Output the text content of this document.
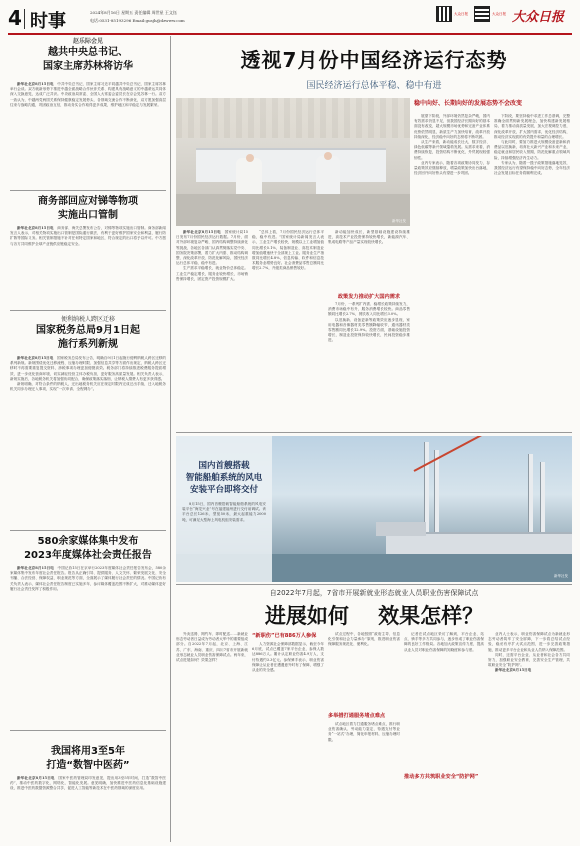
4 时事	2024年8月16日 星期五 责任编辑 周世星 王文钰
电话:0531-85193296 Email:gusjh@dzwww.com
大众日报	大众日报 大众日报
赵乐际会见
越共中央总书记、
国家主席苏林将访华

新华社北京8月15日电　中共中央总书记、国家主席习近平同越共中央总书记、国家主席苏林举行会谈。双方就新形势下推进中越全面战略合作伙伴关系、构建具有战略意义的中越命运共同体深入交换意见，达成广泛共识。中央政治局常委、全国人大常委会委员长在京会见苏林一行。双方一致认为，中越两党两国关系保持健康稳定发展势头，各领域交流合作不断深化，双方愿加强高层往来与战略沟通，巩固政治互信，推动务实合作取得更多成果，维护地区和平稳定与发展繁荣。

商务部回应对锑等物项
实施出口管制

新华社北京8月15日电　商务部、海关总署发布公告，对锑等物项实施出口管制。商务部新闻发言人表示，对相关物项实施出口管制是国际通行做法，有利于更好维护国家安全和利益、履行防扩散等国际义务。相关管制措施不针对任何特定国家和地区，符合规定的出口将予以许可。中方愿与各方共同维护全球产业链供应链稳定安全。

便利纳税人跨区迁移
国家税务总局9月1日起
施行系列新规

新华社北京8月15日电　国家税务总局发布公告，明确自9月1日起施行便利纳税人跨区迁移的系列新规。新规围绕优化迁移流程、压缩办理时限、加强信息共享等方面作出规定，纳税人跨区迁移时不再需要重复提交资料，涉税事项办理更加便捷高效。税务部门将持续推进税费服务提质增效，进一步优化营商环境，切实减轻经营主体办税负担，更好服务高质量发展。相关负责人表示，新规实施后，各地税务机关将加强协同配合，确保政策落实落细，让纳税人缴费人有更多获得感。

新规明确，对符合条件的纳税人，迁出地税务机关应在规定时限内完成迁出手续，迁入地税务机关同步办理迁入事项，实现“一次申请、全程网办”。

580余家媒体集中发布
2023年度媒体社会责任报告

新华社北京8月15日电　中国记协15日在京举行2023年度媒体社会责任报告发布会，580余家媒体集中发布年度社会责任报告。报告从正确引导、提供服务、人文关怀、繁荣发展文化、安全刊播、合法经营、保障权益、职业规范等方面，全面展示了媒体履行社会责任的情况。中国记协有关负责人表示，媒体社会责任报告制度已实施多年，参评媒体覆盖范围不断扩大，对推动媒体更好履行社会责任发挥了积极作用。

我国将用3至5年
打造“数智中医药”

新华社北京8月15日电　国家中医药管理局印发意见，提出用3至5年时间，打造“数智中医药”，推动中医药数字化、网络化、智能化发展。意见明确，加快推进中医药信息化基础设施建设，推进中医药数据资源整合共享，促进人工智能等新技术在中医药领域的深度应用。

透视7月份中国经济运行态势
国民经济运行总体平稳、稳中有进
新华社发

新华社北京8月15日电　国家统计局15日发布7月份国民经济运行数据。7月份，面对外部环境复杂严峻、国内结构调整持续深化等挑战，各地区各部门认真贯彻落实党中央、国务院决策部署，着力扩大内需、推动结构调整、深化改革开放、防范化解风险，国民经济运行总体平稳、稳中有进。

生产需求平稳增长，就业物价总体稳定。工业生产稳定增长，服务业较快增长，市场销售保持增长，固定资产投资规模扩大。

“总体上看，7月份国民经济运行总体平稳，稳中有进。”国家统计局新闻发言人表示，工业生产增长较快，规模以上工业增加值同比增长5.1%，装备制造业、高技术制造业增加值增速快于全部规上工业。服务业生产指数同比增长4.8%，信息传输、软件和信息技术服务业增势良好。社会消费品零售总额同比增长2.7%，升级类商品销售较好。

新动能加快成长，新型基础设施建设持续推进，高技术产业投资保持较快增长，新能源汽车、集成电路等产品产量实现较快增长。

政策发力推动扩大国内需求

7月份，一系列扩内需、稳增长政策持续发力，消费市场稳中有升，服务消费增长较快。商品零售额同比增长2.7%，餐饮收入同比增长3.0%。

以旧换新、设备更新等政策效应逐步显现，家用电器和音像器材类零售额降幅收窄，通讯器材类零售额同比增长12.9%。投资方面，基础设施投资增长，制造业投资保持较快增长，民间投资稳步推进。

稳中向好、长期向好的发展态势不会改变

展望下阶段，外部环境仍然复杂严峻，国内有效需求仍显不足，但我国经济长期向好的基本面没有改变，超大规模市场优势和完备产业体系优势依然明显，新质生产力加快培育，改革开放持续深化，经济稳中向好的态势将不断巩固。

从生产来看，新动能成长壮大，数字经济、绿色低碳等新兴领域蓬勃发展。从需求来看，消费持续恢复，投资结构不断优化，外贸展现较强韧性。

业内专家表示，随着各项政策协同发力，存量政策效应继续释放，增量政策加快出台落地，经济回升向好势头有望进一步巩固。

下阶段，要坚持稳中求进工作总基调，完整准确全面贯彻新发展理念，加快构建新发展格局，着力推动高质量发展，加大宏观调控力度，深化改革开放，扩大国内需求，优化经济结构，推动经济实现质的有效提升和量的合理增长。

与此同时，要加力推进大规模设备更新和消费品以旧换新，培育壮大新兴产业和未来产业，稳定就业和居民收入预期，防范化解重点领域风险，持续增强经济内生动力。

专家认为，随着一揽子政策措施落地见效，我国经济运行有望保持稳中向好态势，全年经济社会发展目标任务将顺利完成。

国内首艘搭载
智能船舶系统的风电
安装平台即将交付

8月15日，国内首艘搭载智能船舶系统的风电安装平台“海龙兴业”号在福建福州进行交付前调试。该平台总长126米、型宽50米，最大起重能力2000吨，可满足大型海上风电机组安装需求。

新华社发
自2022年7月起，7省市开展新就业形态就业人员职业伤害保障试点
进展如何    效果怎样？

外卖送餐、网约车、即时配送……新就业形态劳动者日益成为劳动者大军中的重要组成部分。自2022年7月起，北京、上海、江苏、广东、海南、重庆、四川7省市开展新就业形态就业人员职业伤害保障试点。两年来，试点进展如何？效果怎样？

“新职伤”已有886万人参保

人力资源社会保障部数据显示，截至今年6月底，试点已覆盖7家平台企业，参保人数达886万人。累计认定职业伤害4.9万人，支付待遇约3.3亿元。参保骑手表示，职业伤害保障让从业者在遭遇意外时有了保障，增强了从业的安全感。

多举措打通服务堵点难点

试点过程中，各地按照“政府主导、信息化引领和社会力量承办”原则，推进职业伤害保障服务规范化、便利化。

试点地区着力打通服务堵点难点，推行职业伤害确认、劳动能力鉴定、待遇支付等业务“一站式”办理，简化申报材料，压缩办理时限。

推动多方共筑职业安全“防护网”

记者在试点地区采访了解到，平台企业、站点、骑手等多方共同参与，逐步形成了职业伤害保障的良好工作格局。各地加大政策宣传力度，提高从业人员对职业伤害保障的知晓度和参与度。

业内人士表示，职业伤害保障试点为新就业形态劳动者筑牢了安全屏障，下一步将总结试点经验，稳妥有序扩大试点范围，进一步完善政策措施，推动更多平台企业和从业人员纳入保障范围。

同时，还需平台企业、从业者和社会各方共同努力，加强职业安全教育，完善安全生产管理，共筑职业安全“防护网”。

新华社北京8月15日电
